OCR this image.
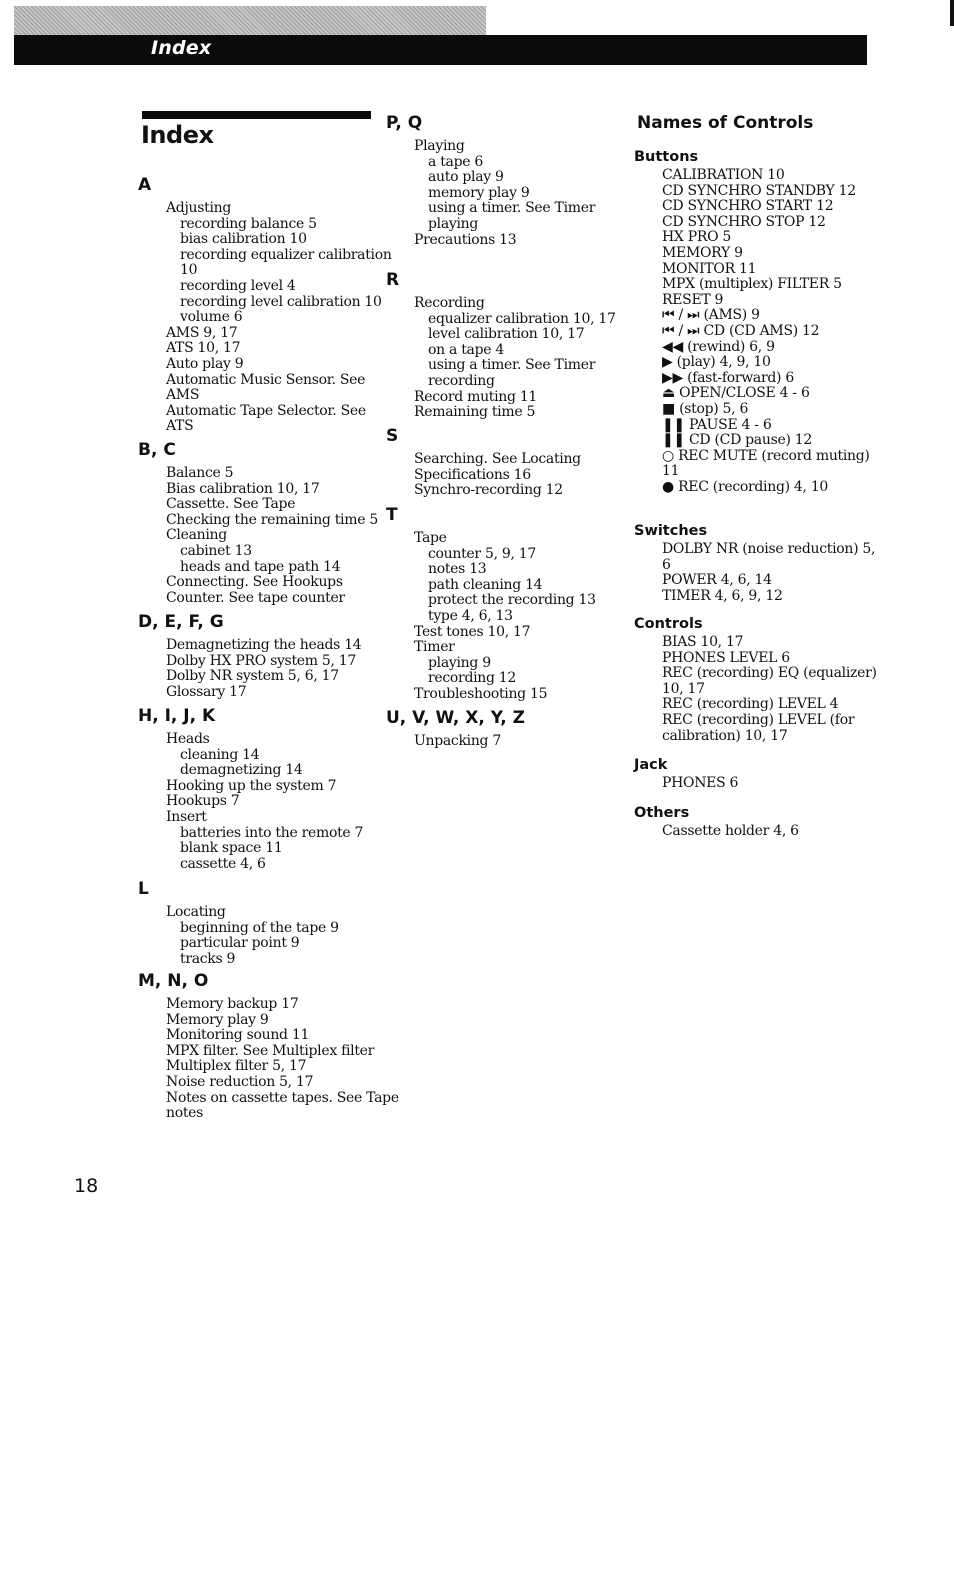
Index
Index
A
Adjusting
recording balance 5
bias calibration 10
recording equalizer calibration
10
recording level 4
recording level calibration 10
volume 6
AMS 9, 17
ATS 10, 17
Auto play 9
Automatic Music Sensor. See
AMS
Automatic Tape Selector. See
ATS
B, C
Balance 5
Bias calibration 10, 17
Cassette. See Tape
Checking the remaining time 5
Cleaning
cabinet 13
heads and tape path 14
Connecting. See Hookups
Counter. See tape counter
D, E, F, G
Demagnetizing the heads 14
Dolby HX PRO system 5, 17
Dolby NR system 5, 6, 17
Glossary 17
H, I, J, K
Heads
cleaning 14
demagnetizing 14
Hooking up the system 7
Hookups 7
Insert
batteries into the remote 7
blank space 11
cassette 4, 6
L
Locating
beginning of the tape 9
particular point 9
tracks 9
M, N, O
Memory backup 17
Memory play 9
Monitoring sound 11
MPX filter. See Multiplex filter
Multiplex filter 5, 17
Noise reduction 5, 17
Notes on cassette tapes. See Tape
notes
P, Q
Playing
a tape 6
auto play 9
memory play 9
using a timer. See Timer
playing
Precautions 13
R
Recording
equalizer calibration 10, 17
level calibration 10, 17
on a tape 4
using a timer. See Timer
recording
Record muting 11
Remaining time 5
S
Searching. See Locating
Specifications 16
Synchro-recording 12
T
Tape
counter 5, 9, 17
notes 13
path cleaning 14
protect the recording 13
type 4, 6, 13
Test tones 10, 17
Timer
playing 9
recording 12
Troubleshooting 15
U, V, W, X, Y, Z
Unpacking 7
Names of Controls
Buttons
CALIBRATION 10
CD SYNCHRO STANDBY 12
CD SYNCHRO START 12
CD SYNCHRO STOP 12
HX PRO 5
MEMORY 9
MONITOR 11
MPX (multiplex) FILTER 5
RESET 9
⏮ / ⏭ (AMS) 9
⏮ / ⏭ CD (CD AMS) 12
◀◀ (rewind) 6, 9
▶ (play) 4, 9, 10
▶▶ (fast-forward) 6
⏏ OPEN/CLOSE 4 - 6
■ (stop) 5, 6
❚❚ PAUSE 4 - 6
❚❚ CD (CD pause) 12
○ REC MUTE (record muting)
11
● REC (recording) 4, 10
Switches
DOLBY NR (noise reduction) 5,
6
POWER 4, 6, 14
TIMER 4, 6, 9, 12
Controls
BIAS 10, 17
PHONES LEVEL 6
REC (recording) EQ (equalizer)
10, 17
REC (recording) LEVEL 4
REC (recording) LEVEL (for
calibration) 10, 17
Jack
PHONES 6
Others
Cassette holder 4, 6
18
